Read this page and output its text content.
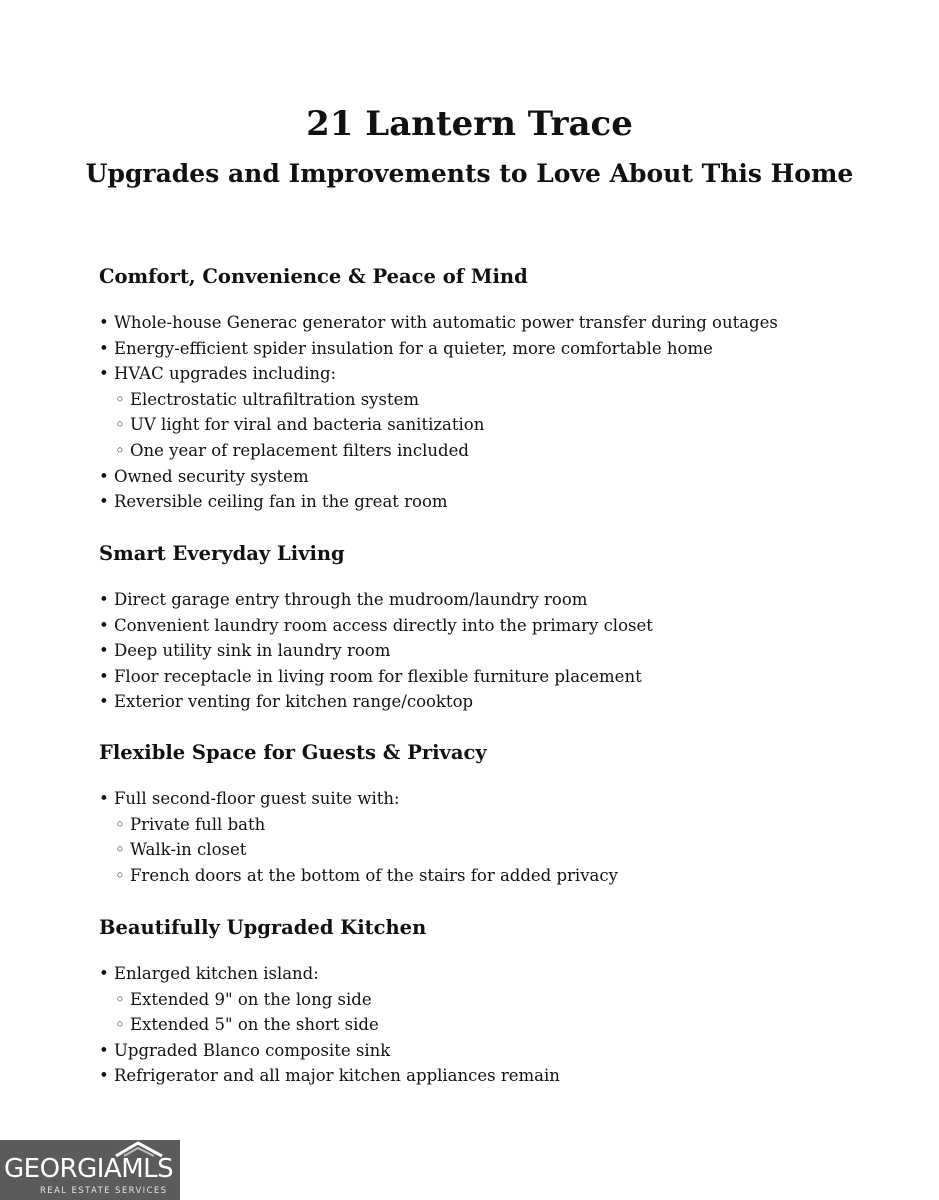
21 Lantern Trace
Upgrades and Improvements to Love About This Home
Comfort, Convenience & Peace of Mind
• Whole-house Generac generator with automatic power transfer during outages
• Energy-efficient spider insulation for a quieter, more comfortable home
• HVAC upgrades including:
◦ Electrostatic ultrafiltration system
◦ UV light for viral and bacteria sanitization
◦ One year of replacement filters included
• Owned security system
• Reversible ceiling fan in the great room
Smart Everyday Living
• Direct garage entry through the mudroom/laundry room
• Convenient laundry room access directly into the primary closet
• Deep utility sink in laundry room
• Floor receptacle in living room for flexible furniture placement
• Exterior venting for kitchen range/cooktop
Flexible Space for Guests & Privacy
• Full second-floor guest suite with:
◦ Private full bath
◦ Walk-in closet
◦ French doors at the bottom of the stairs for added privacy
Beautifully Upgraded Kitchen
• Enlarged kitchen island:
◦ Extended 9" on the long side
◦ Extended 5" on the short side
• Upgraded Blanco composite sink
• Refrigerator and all major kitchen appliances remain
GEORGIAMLS
REAL ESTATE SERVICES
